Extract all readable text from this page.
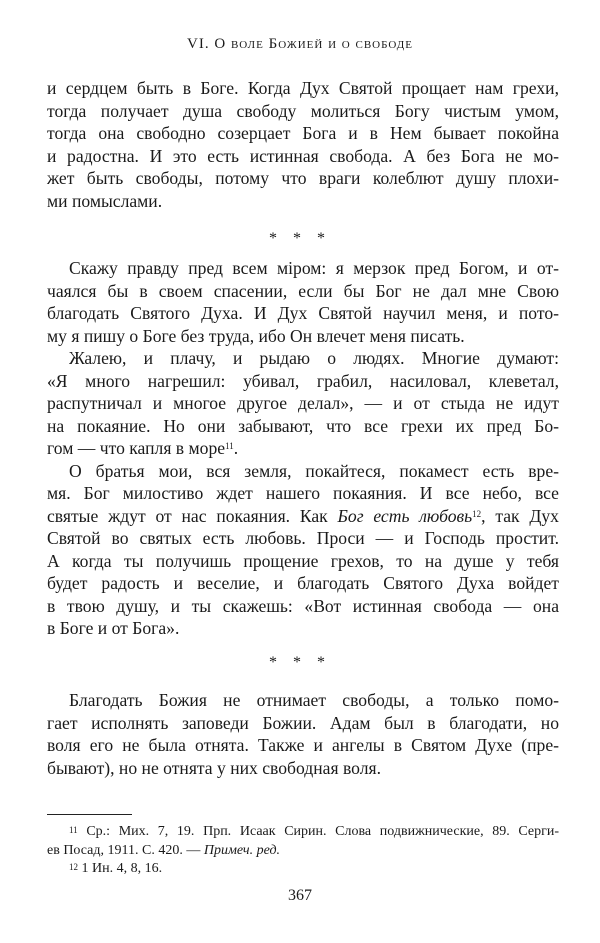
VI. О воле Божией и о свободе
и сердцем быть в Боге. Когда Дух Святой прощает нам грехи,
тогда получает душа свободу молиться Богу чистым умом,
тогда она свободно созерцает Бога и в Нем бывает покойна
и радостна. И это есть истинная свобода. А без Бога не мо-
жет быть свободы, потому что враги колеблют душу плохи-
ми помыслами.
* * *
Скажу правду пред всем міром: я мерзок пред Богом, и от-
чаялся бы в своем спасении, если бы Бог не дал мне Свою
благодать Святого Духа. И Дух Святой научил меня, и пото-
му я пишу о Боге без труда, ибо Он влечет меня писать.
Жалею, и плачу, и рыдаю о людях. Многие думают:
«Я много нагрешил: убивал, грабил, насиловал, клеветал,
распутничал и многое другое делал», — и от стыда не идут
на покаяние. Но они забывают, что все грехи их пред Бо-
гом — что капля в море$^{11}$.
О братья мои, вся земля, покайтеся, покамест есть вре-
мя. Бог милостиво ждет нашего покаяния. И все небо, все
святые ждут от нас покаяния. Как Бог есть любовь$^{12}$, так Дух
Святой во святых есть любовь. Проси — и Господь простит.
А когда ты получишь прощение грехов, то на душе у тебя
будет радость и веселие, и благодать Святого Духа войдет
в твою душу, и ты скажешь: «Вот истинная свобода — она
в Боге и от Бога».
* * *
Благодать Божия не отнимает свободы, а только помо-
гает исполнять заповеди Божии. Адам был в благодати, но
воля его не была отнята. Также и ангелы в Святом Духе (пре-
бывают), но не отнята у них свободная воля.
$^{11}$ Ср.: Мих. 7, 19. Прп. Исаак Сирин. Слова подвижнические, 89. Серги-
ев Посад, 1911. С. 420. — Примеч. ред.
$^{12}$ 1 Ин. 4, 8, 16.
367
